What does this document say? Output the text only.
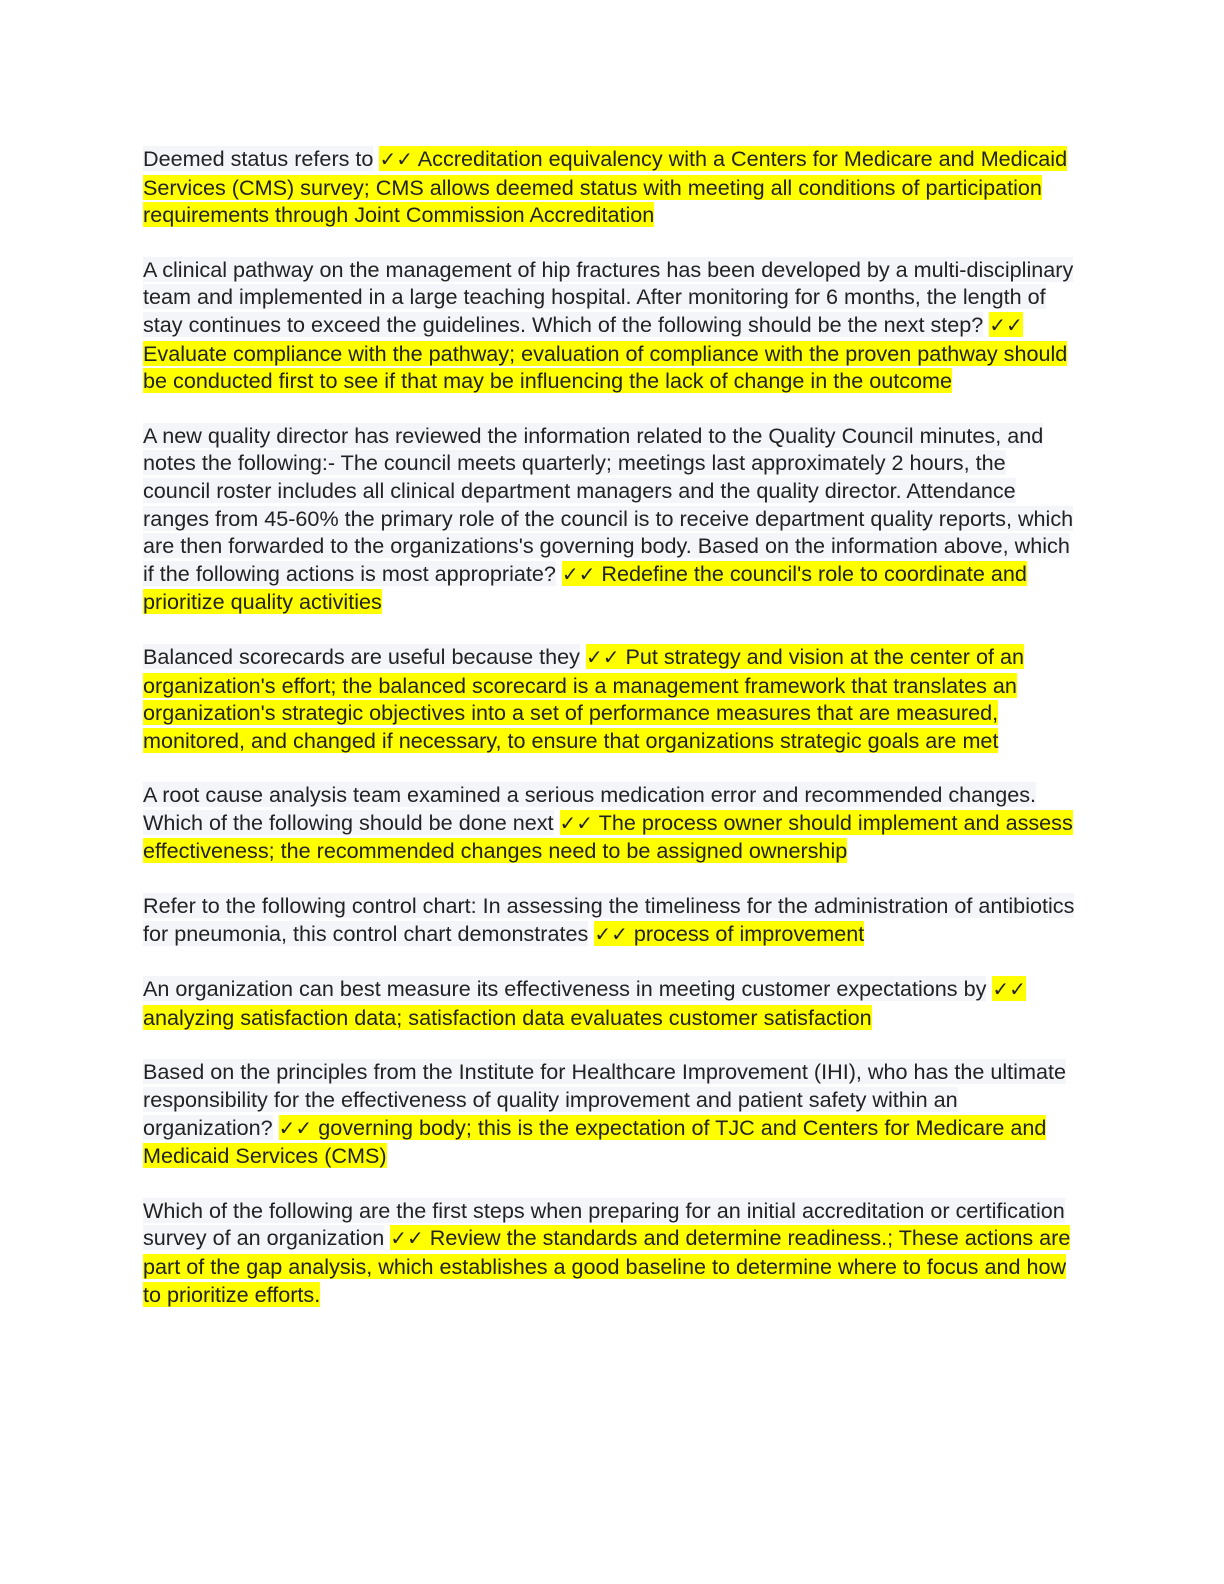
Deemed status refers to ✓✓ Accreditation equivalency with a Centers for Medicare and Medicaid Services (CMS) survey; CMS allows deemed status with meeting all conditions of participation requirements through Joint Commission Accreditation

A clinical pathway on the management of hip fractures has been developed by a multi-disciplinary team and implemented in a large teaching hospital. After monitoring for 6 months, the length of stay continues to exceed the guidelines. Which of the following should be the next step? ✓✓ Evaluate compliance with the pathway; evaluation of compliance with the proven pathway should be conducted first to see if that may be influencing the lack of change in the outcome

A new quality director has reviewed the information related to the Quality Council minutes, and notes the following:- The council meets quarterly; meetings last approximately 2 hours, the council roster includes all clinical department managers and the quality director. Attendance ranges from 45-60% the primary role of the council is to receive department quality reports, which are then forwarded to the organizations's governing body. Based on the information above, which if the following actions is most appropriate? ✓✓ Redefine the council's role to coordinate and prioritize quality activities

Balanced scorecards are useful because they ✓✓ Put strategy and vision at the center of an organization's effort; the balanced scorecard is a management framework that translates an organization's strategic objectives into a set of performance measures that are measured, monitored, and changed if necessary, to ensure that organizations strategic goals are met

A root cause analysis team examined a serious medication error and recommended changes. Which of the following should be done next ✓✓ The process owner should implement and assess effectiveness; the recommended changes need to be assigned ownership

Refer to the following control chart: In assessing the timeliness for the administration of antibiotics for pneumonia, this control chart demonstrates ✓✓ process of improvement

An organization can best measure its effectiveness in meeting customer expectations by ✓✓ analyzing satisfaction data; satisfaction data evaluates customer satisfaction

Based on the principles from the Institute for Healthcare Improvement (IHI), who has the ultimate responsibility for the effectiveness of quality improvement and patient safety within an organization? ✓✓ governing body; this is the expectation of TJC and Centers for Medicare and Medicaid Services (CMS)

Which of the following are the first steps when preparing for an initial accreditation or certification survey of an organization ✓✓ Review the standards and determine readiness.; These actions are part of the gap analysis, which establishes a good baseline to determine where to focus and how to prioritize efforts.
